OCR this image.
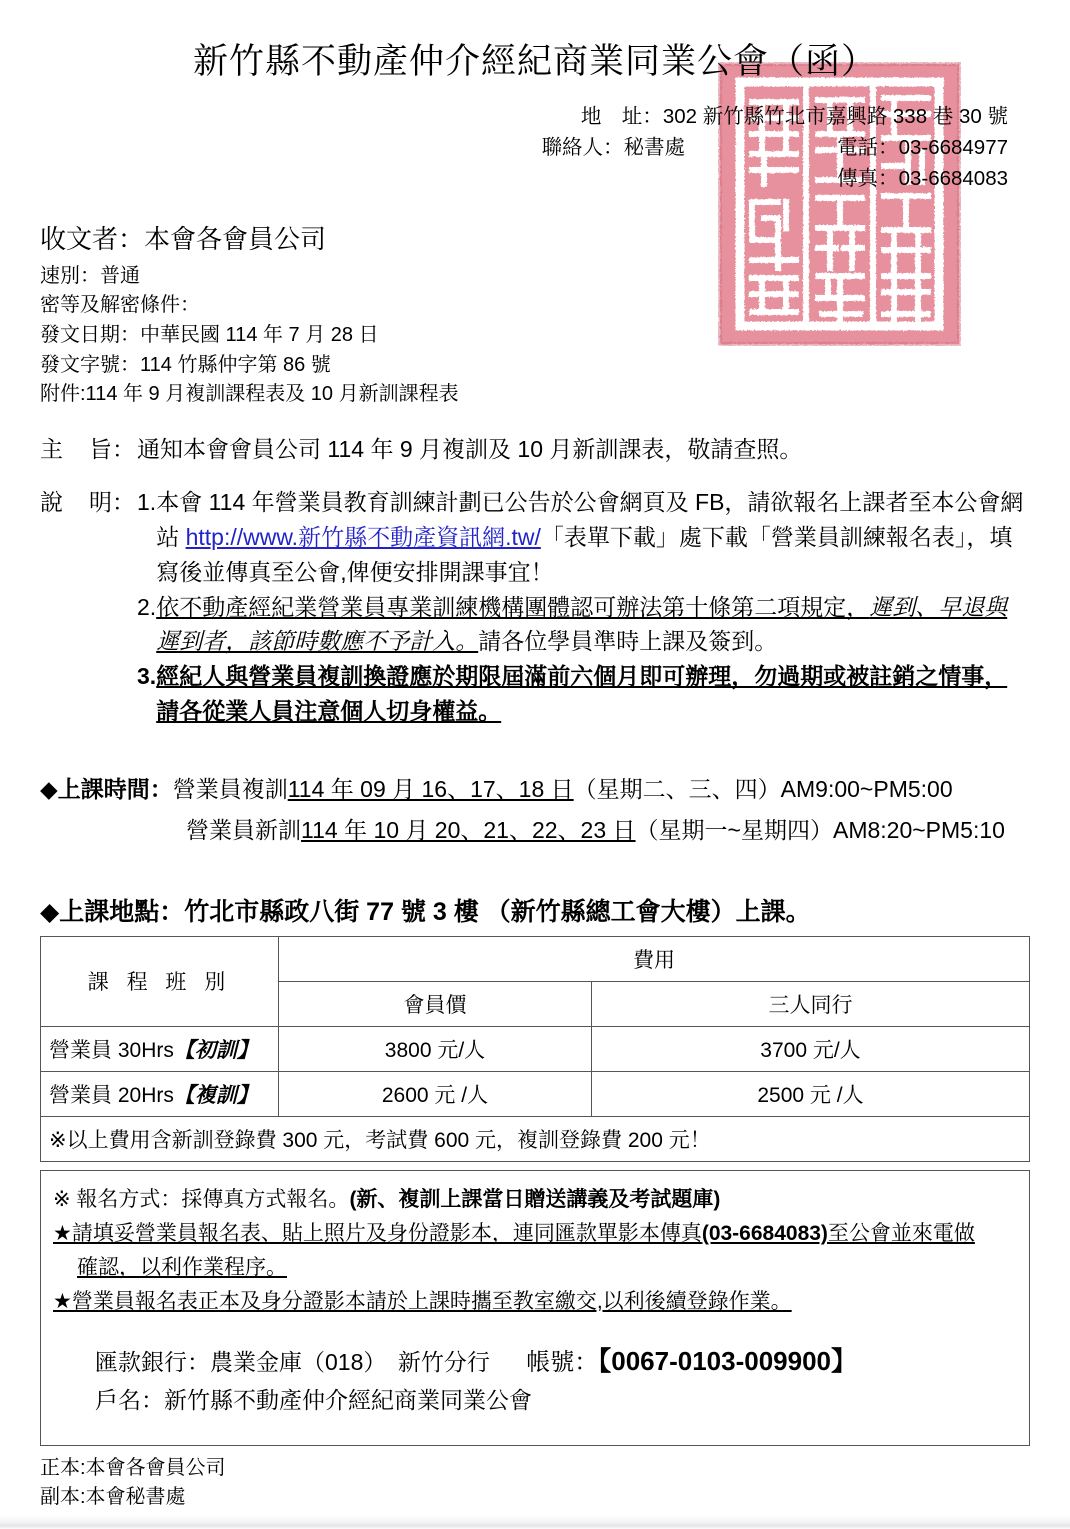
新竹縣不動產仲介經紀商業同業公會（函）
地　址：302 新竹縣竹北市嘉興路 338 巷 30 號
聯絡人：秘書處	電話：03-6684977
傳真：03-6684083
收文者：本會各會員公司
速別：普通
密等及解密條件：
發文日期：中華民國 114 年 7 月 28 日
發文字號：114 竹縣仲字第 86 號
附件:114 年 9 月複訓課程表及 10 月新訓課程表
主 旨： 通知本會會員公司 114 年 9 月複訓及 10 月新訓課表，敬請查照。
說 明： 1. 本會 114 年營業員教育訓練計劃已公告於公會網頁及 FB，請欲報名上課者至本公會網站 http://www.新竹縣不動產資訊網.tw/「表單下載」處下載「營業員訓練報名表」，填寫後並傳真至公會,俾便安排開課事宜！
2. 依不動產經紀業營業員專業訓練機構團體認可辦法第十條第二項規定，遲到、早退與遲到者，該節時數應不予計入。請各位學員準時上課及簽到。
3. 經紀人與營業員複訓換證應於期限屆滿前六個月即可辦理，勿過期或被註銷之情事，請各從業人員注意個人切身權益。
◆上課時間：營業員複訓114 年 09 月 16、17、18 日（星期二、三、四）AM9:00~PM5:00
營業員新訓114 年 10 月 20、21、22、23 日（星期一~星期四）AM8:20~PM5:10
◆上課地點：竹北市縣政八街 77 號 3 樓 （新竹縣總工會大樓）上課。
課 程 班 別	費用	
	會員價	三人同行
營業員 30Hrs【初訓】	3800 元/人	3700 元/人
營業員 20Hrs【複訓】	2600 元 /人	2500 元 /人
※以上費用含新訓登錄費 300 元，考試費 600 元，複訓登錄費 200 元！		
※ 報名方式：採傳真方式報名。(新、複訓上課當日贈送講義及考試題庫)
★請填妥營業員報名表、貼上照片及身份證影本，連同匯款單影本傳真(03-6684083)至公會並來電做
確認，以利作業程序。
★營業員報名表正本及身分證影本請於上課時攜至教室繳交,以利後續登錄作業。
匯款銀行：農業金庫（018）　新竹分行 帳號：【0067-0103-009900】
戶名：新竹縣不動產仲介經紀商業同業公會
正本:本會各會員公司
副本:本會秘書處
